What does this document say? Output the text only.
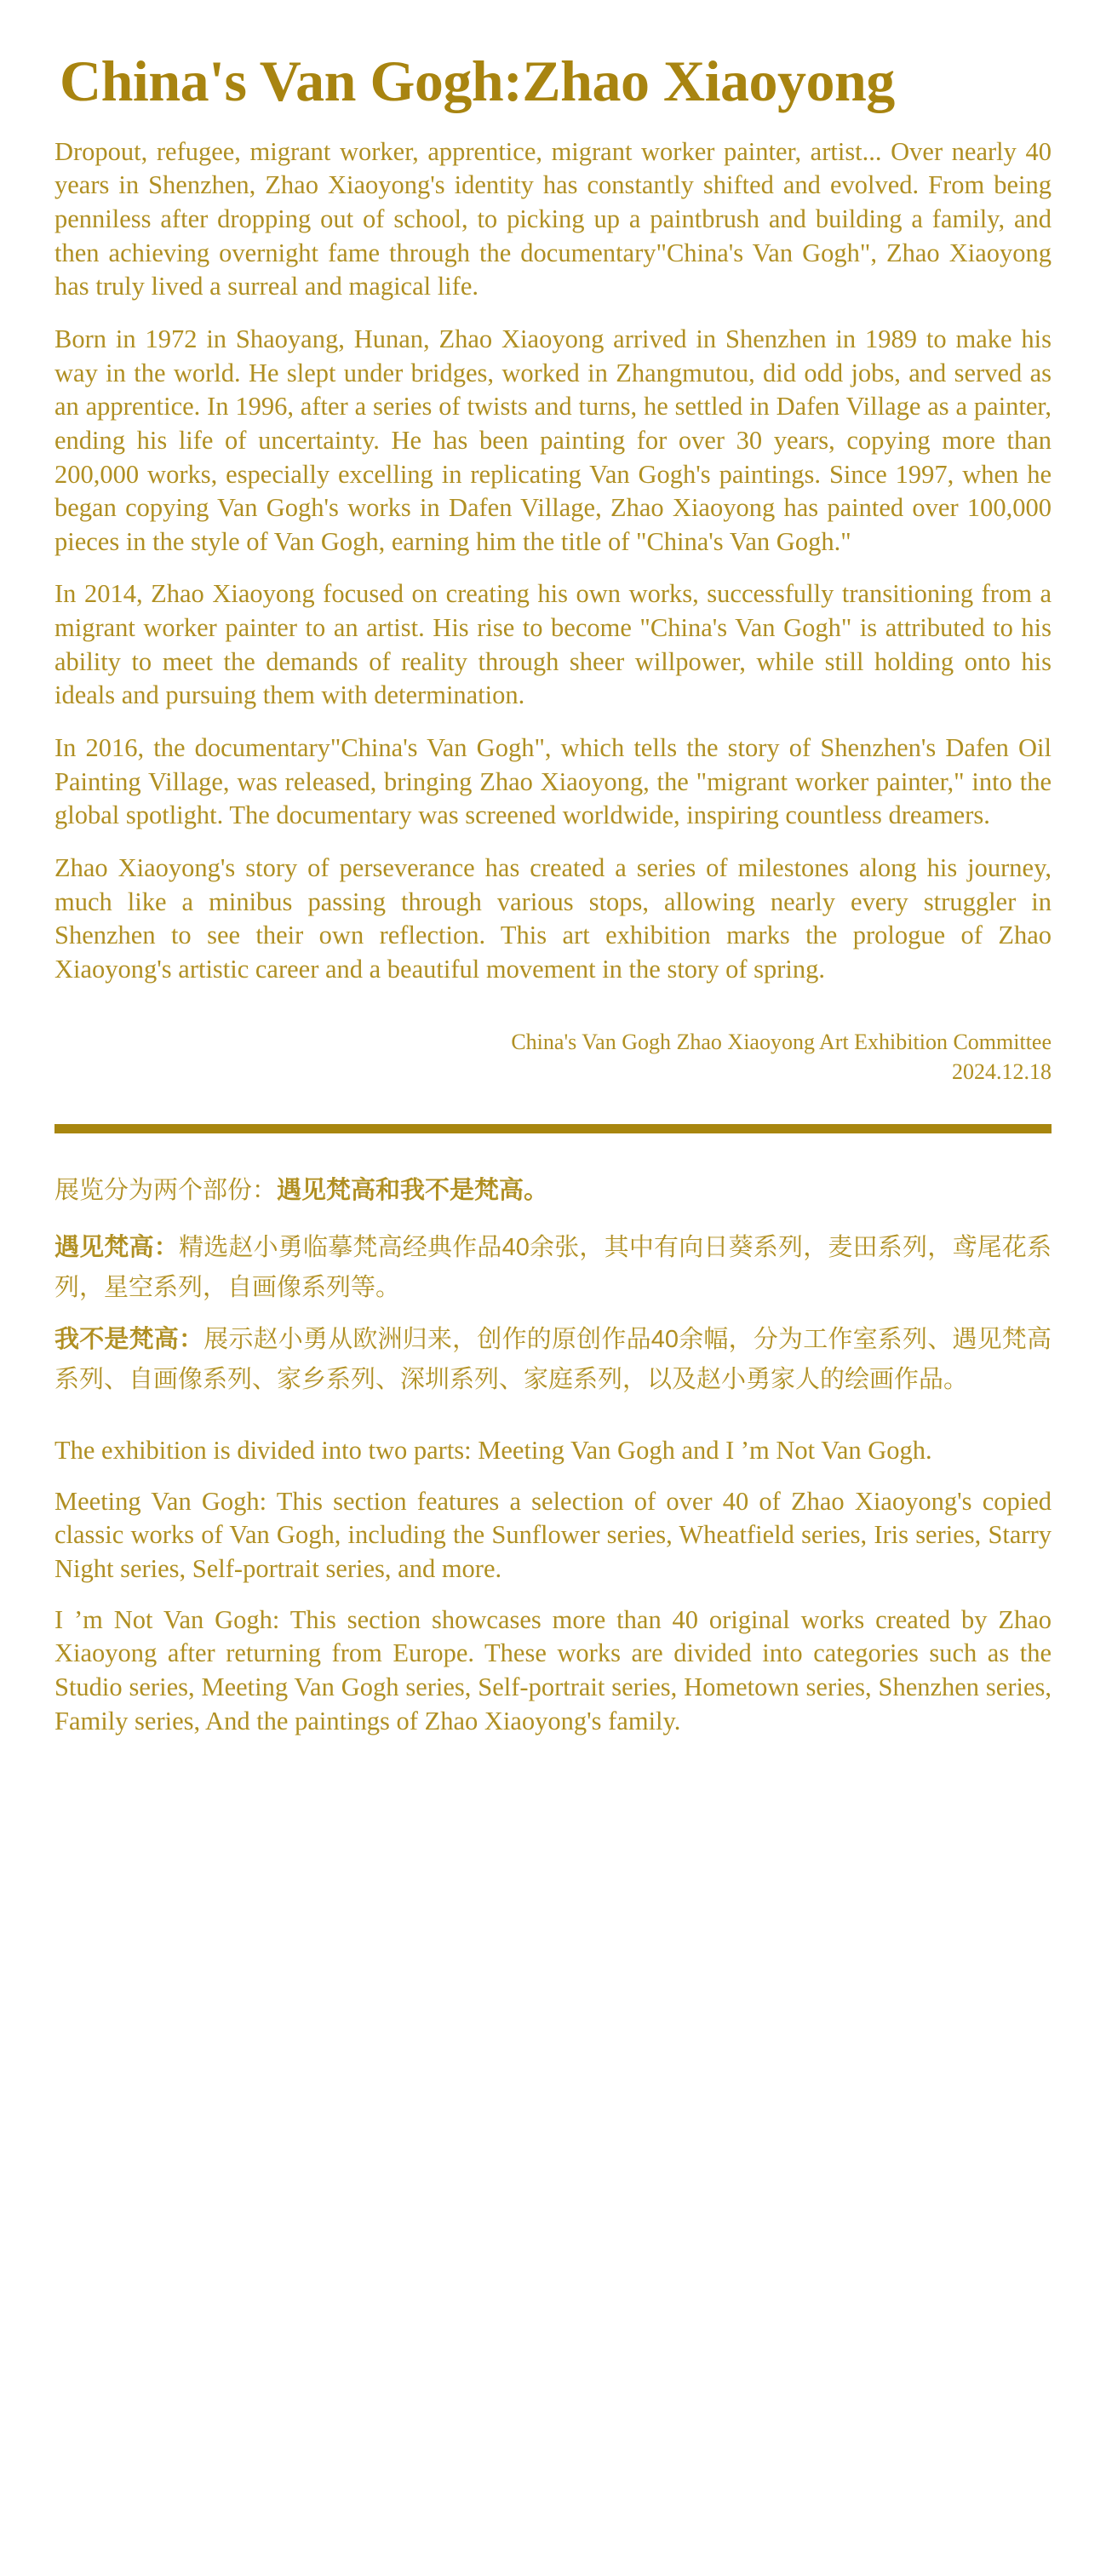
China's Van Gogh:Zhao Xiaoyong

Dropout, refugee, migrant worker, apprentice, migrant worker painter, artist... Over nearly 40 years in Shenzhen, Zhao Xiaoyong's identity has constantly shifted and evolved. From being penniless after dropping out of school, to picking up a paintbrush and building a family, and then achieving overnight fame through the documentary"China's Van Gogh", Zhao Xiaoyong has truly lived a surreal and magical life.

Born in 1972 in Shaoyang, Hunan, Zhao Xiaoyong arrived in Shenzhen in 1989 to make his way in the world. He slept under bridges, worked in Zhangmutou, did odd jobs, and served as an apprentice. In 1996, after a series of twists and turns, he settled in Dafen Village as a painter, ending his life of uncertainty. He has been painting for over 30 years, copying more than 200,000 works, especially excelling in replicating Van Gogh's paintings. Since 1997, when he began copying Van Gogh's works in Dafen Village, Zhao Xiaoyong has painted over 100,000 pieces in the style of Van Gogh, earning him the title of "China's Van Gogh."

In 2014, Zhao Xiaoyong focused on creating his own works, successfully transitioning from a migrant worker painter to an artist. His rise to become "China's Van Gogh" is attributed to his ability to meet the demands of reality through sheer willpower, while still holding onto his ideals and pursuing them with determination.

In 2016, the documentary"China's Van Gogh", which tells the story of Shenzhen's Dafen Oil Painting Village, was released, bringing Zhao Xiaoyong, the "migrant worker painter," into the global spotlight. The documentary was screened worldwide, inspiring countless dreamers.

Zhao Xiaoyong's story of perseverance has created a series of milestones along his journey, much like a minibus passing through various stops, allowing nearly every struggler in Shenzhen to see their own reflection. This art exhibition marks the prologue of Zhao Xiaoyong's artistic career and a beautiful movement in the story of spring.

China's Van Gogh Zhao Xiaoyong Art Exhibition Committee
2024.12.18

展览分为两个部份：遇见梵高和我不是梵高。

遇见梵高：精选赵小勇临摹梵高经典作品40余张，其中有向日葵系列，麦田系列，鸢尾花系列，星空系列，自画像系列等。

我不是梵高：展示赵小勇从欧洲归来，创作的原创作品40余幅，分为工作室系列、遇见梵高系列、自画像系列、家乡系列、深圳系列、家庭系列，以及赵小勇家人的绘画作品。

The exhibition is divided into two parts: Meeting Van Gogh and I ’m Not Van Gogh.

Meeting Van Gogh: This section features a selection of over 40 of Zhao Xiaoyong's copied classic works of Van Gogh, including the Sunflower series, Wheatfield series, Iris series, Starry Night series, Self-portrait series, and more.

I ’m Not Van Gogh: This section showcases more than 40 original works created by Zhao Xiaoyong after returning from Europe. These works are divided into categories such as the Studio series, Meeting Van Gogh series, Self-portrait series, Hometown series, Shenzhen series, Family series, And the paintings of Zhao Xiaoyong's family.
